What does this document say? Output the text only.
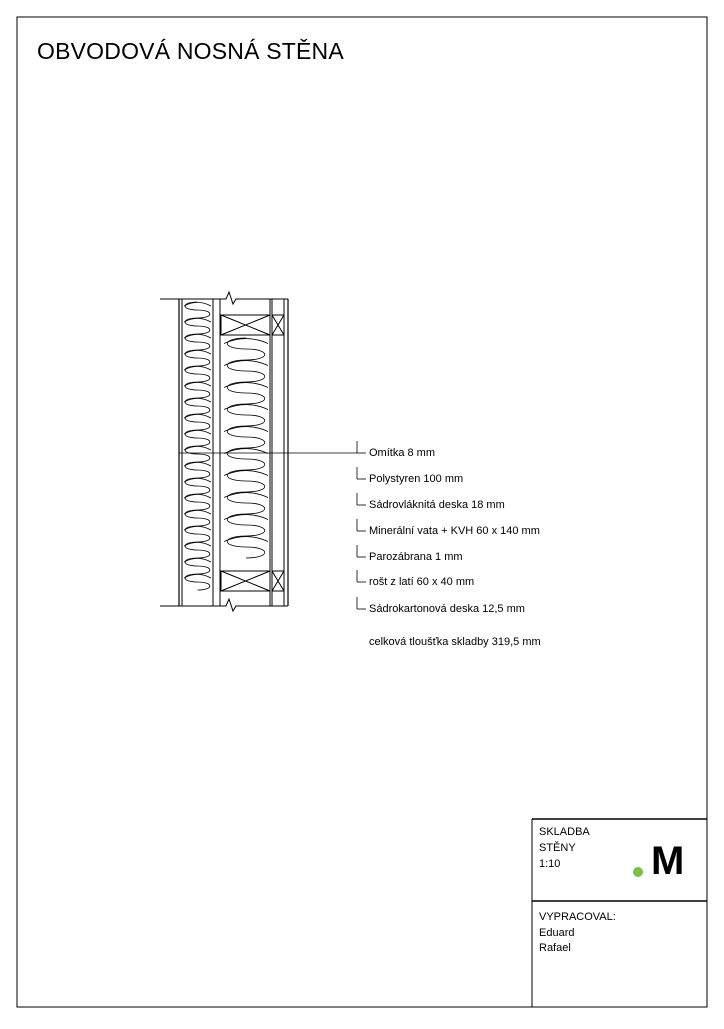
OBVODOVÁ NOSNÁ STĚNA
Omítka 8 mm
Polystyren 100 mm
Sádrovláknitá deska 18 mm
Minerální vata + KVH 60 x 140 mm
Parozábrana 1 mm
rošt z latí 60 x 40 mm
Sádrokartonová deska 12,5 mm
celková tloušťka skladby 319,5 mm
SKLADBA
STĚNY
1:10
VYPRACOVAL:
Eduard
Rafael
M
